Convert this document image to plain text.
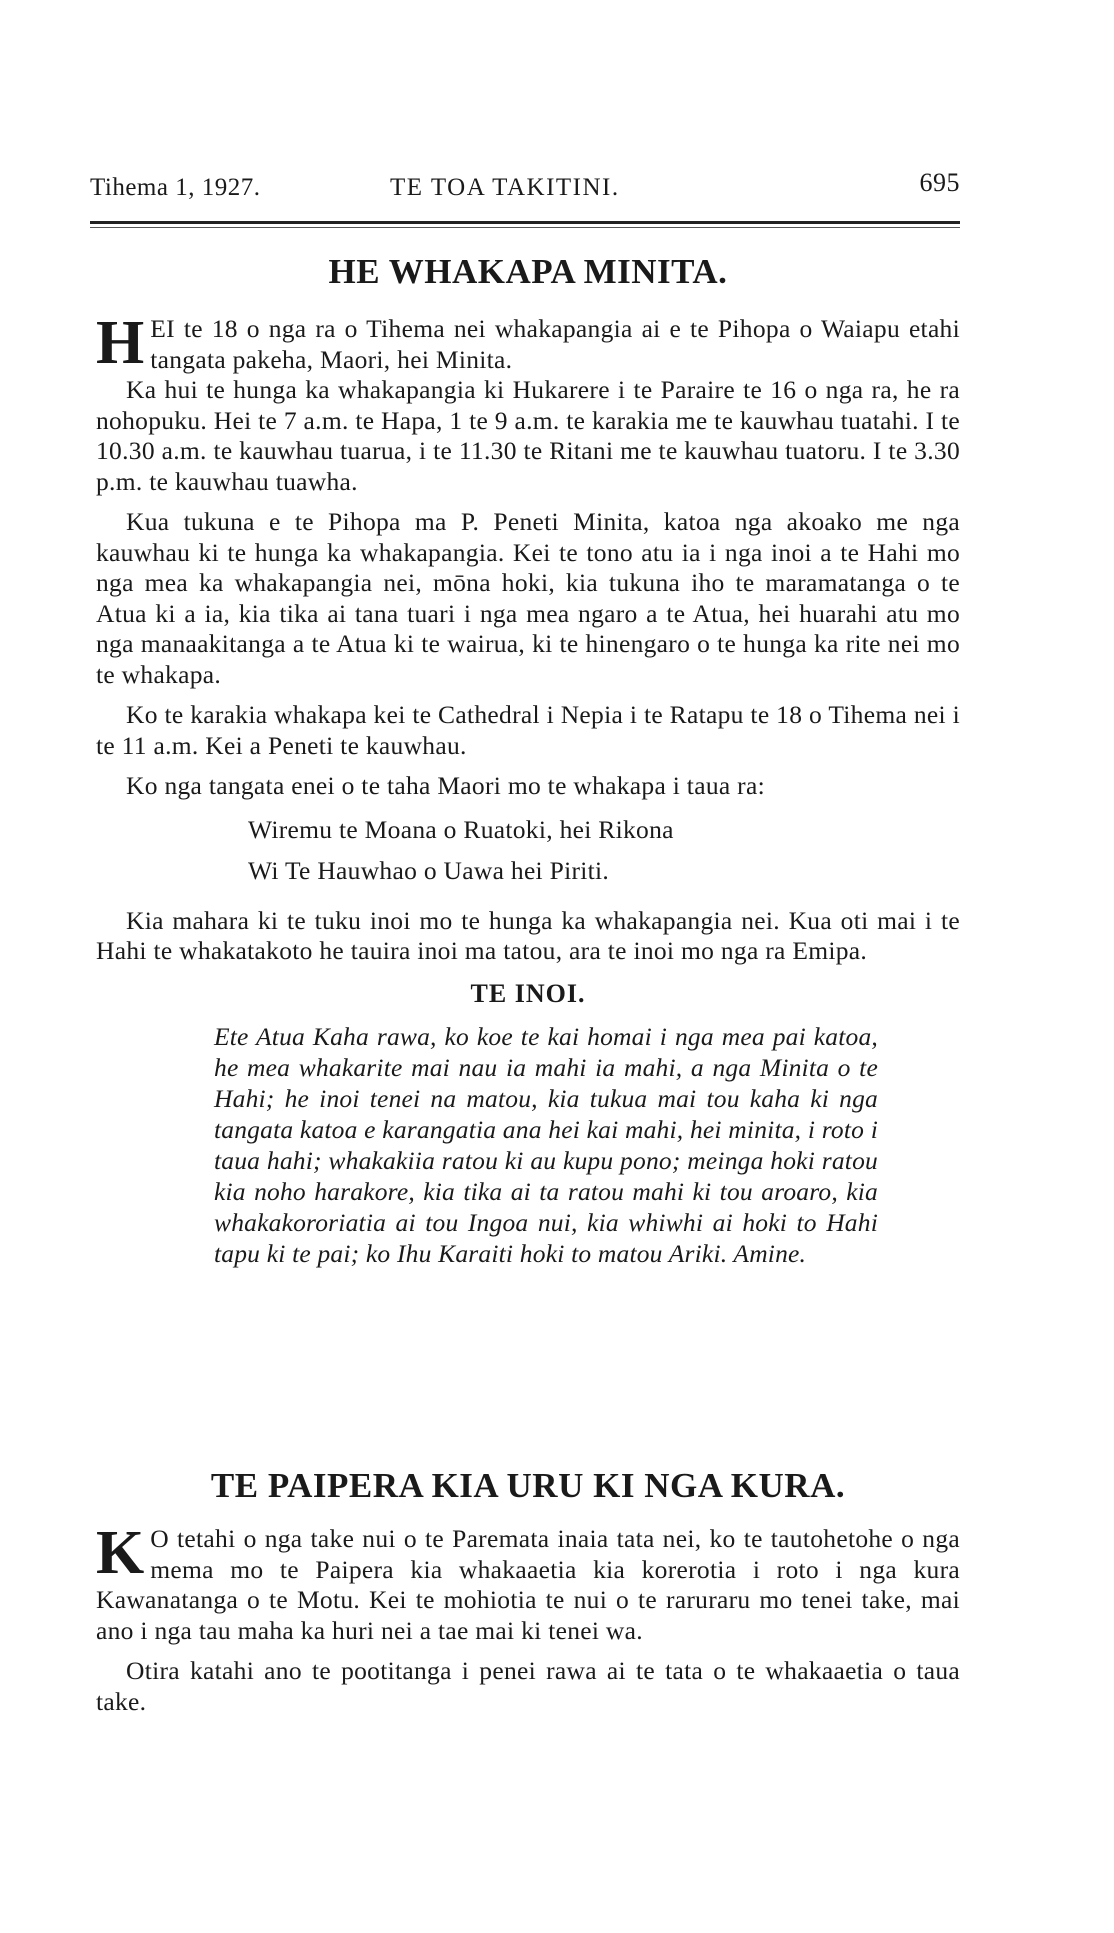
Tihema 1, 1927.	TE TOA TAKITINI.	695
HE WHAKAPA MINITA.
H EI te 18 o nga ra o Tihema nei whakapangia ai e te Pihopa o Waiapu etahi tangata pakeha, Maori, hei Minita.

Ka hui te hunga ka whakapangia ki Hukarere i te Paraire te 16 o nga ra, he ra nohopuku. Hei te 7 a.m. te Hapa, 1 te 9 a.m. te karakia me te kauwhau tuatahi. I te 10.30 a.m. te kauwhau tuarua, i te 11.30 te Ritani me te kauwhau tuatoru. I te 3.30 p.m. te kauwhau tuawha.

Kua tukuna e te Pihopa ma P. Peneti Minita, katoa nga akoako me nga kauwhau ki te hunga ka whakapangia. Kei te tono atu ia i nga inoi a te Hahi mo nga mea ka whakapangia nei, mōna hoki, kia tukuna iho te maramatanga o te Atua ki a ia, kia tika ai tana tuari i nga mea ngaro a te Atua, hei huarahi atu mo nga manaakitanga a te Atua ki te wairua, ki te hinengaro o te hunga ka rite nei mo te whakapa.

Ko te karakia whakapa kei te Cathedral i Nepia i te Ratapu te 18 o Tihema nei i te 11 a.m. Kei a Peneti te kauwhau.

Ko nga tangata enei o te taha Maori mo te whakapa i taua ra:

Wiremu te Moana o Ruatoki, hei Rikona
Wi Te Hauwhao o Uawa hei Piriti.

Kia mahara ki te tuku inoi mo te hunga ka whakapangia nei. Kua oti mai i te Hahi te whakatakoto he tauira inoi ma tatou, ara te inoi mo nga ra Emipa.

TE INOI.

Ete Atua Kaha rawa, ko koe te kai homai i nga mea pai katoa, he mea whakarite mai nau ia mahi ia mahi, a nga Minita o te Hahi; he inoi tenei na matou, kia tukua mai tou kaha ki nga tangata katoa e karangatia ana hei kai mahi, hei minita, i roto i taua hahi; whakakiia ratou ki au kupu pono; meinga hoki ratou kia noho harakore, kia tika ai ta ratou mahi ki tou aroaro, kia whakakororiatia ai tou Ingoa nui, kia whiwhi ai hoki to Hahi tapu ki te pai; ko Ihu Karaiti hoki to matou Ariki. Amine.

TE PAIPERA KIA URU KI NGA KURA.
K O tetahi o nga take nui o te Paremata inaia tata nei, ko te tautohetohe o nga mema mo te Paipera kia whakaaetia kia korerotia i roto i nga kura Kawanatanga o te Motu. Kei te mohiotia te nui o te raruraru mo tenei take, mai ano i nga tau maha ka huri nei a tae mai ki tenei wa.

Otira katahi ano te pootitanga i penei rawa ai te tata o te whakaaetia o taua take.
